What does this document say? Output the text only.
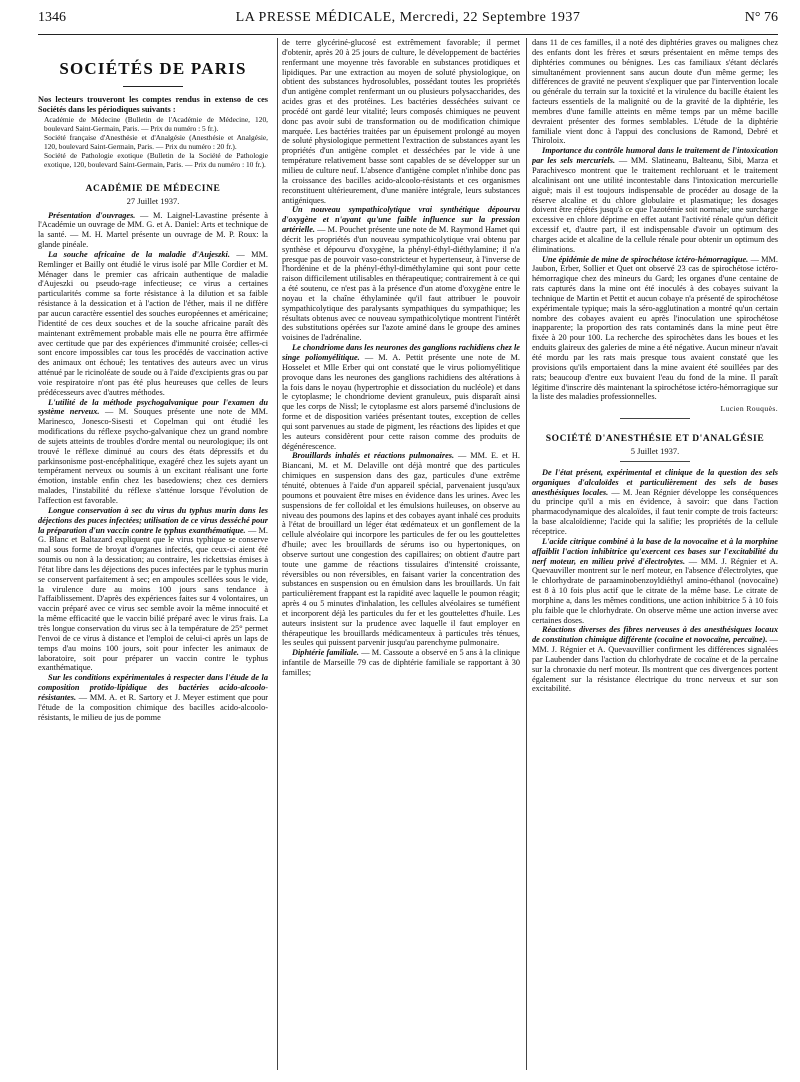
1346	LA PRESSE MÉDICALE, Mercredi, 22 Septembre 1937	N° 76
SOCIÉTÉS DE PARIS

Nos lecteurs trouveront les comptes rendus in extenso de ces Sociétés dans les périodiques suivants :

Académie de Médecine (Bulletin de l'Académie de Médecine, 120, boulevard Saint-Germain, Paris. — Prix du numéro : 5 fr.).

Société française d'Anesthésie et d'Analgésie (Anesthésie et Analgésie, 120, boulevard Saint-Germain, Paris. — Prix du numéro : 20 fr.).

Société de Pathologie exotique (Bulletin de la Société de Pathologie exotique, 120, boulevard Saint-Germain, Paris. — Prix du numéro : 10 fr.).

ACADÉMIE DE MÉDECINE
27 Juillet 1937.

Présentation d'ouvrages. — M. Laignel-Lavastine présente à l'Académie un ouvrage de MM. G. et A. Daniel: Arts et technique de la santé. — M. H. Martel présente un ouvrage de M. P. Roux: la glande pinéale.

La souche africaine de la maladie d'Aujeszki. — MM. Remlinger et Bailly ont étudié le virus isolé par Mlle Cordier et M. Ménager dans le premier cas africain authentique de maladie d'Aujeszki ou pseudo-rage infectieuse; ce virus a certaines particularités comme sa forte résistance à la dilution et sa faible résistance à la dessication et à l'action de l'éther, mais il ne diffère par aucun caractère essentiel des souches européennes et américaine; l'identité de ces deux souches et de la souche africaine paraît dès maintenant extrêmement probable mais elle ne pourra être affirmée avec certitude que par des expériences d'immunité croisée; celles-ci sont encore impossibles car tous les procédés de vaccination active des animaux ont échoué; les tentatives des auteurs avec un virus atténué par le ricinoléate de soude ou à l'aide d'excipients gras ou par voie respiratoire n'ont pas été plus heureuses que celles de leurs prédécesseurs avec d'autres méthodes.

L'utilité de la méthode psychogalvanique pour l'examen du système nerveux. — M. Souques présente une note de MM. Marinesco, Jonesco-Sisesti et Copelman qui ont étudié les modifications du réflexe psycho-galvanique chez un grand nombre de sujets atteints de troubles d'ordre mental ou neurologique; ils ont trouvé le réflexe diminué au cours des états dépressifs et du parkinsonisme post-encéphalitique, exagéré chez les sujets ayant un tempérament nerveux ou soumis à un excitant réalisant une forte émotion, instable enfin chez les basedowiens; chez ces derniers malades, l'instabilité du réflexe s'atténue lorsque l'évolution de l'affection est favorable.

Longue conservation à sec du virus du typhus murin dans les déjections des puces infectées; utilisation de ce virus desséché pour la préparation d'un vaccin contre le typhus exanthématique. — M. G. Blanc et Baltazard expliquent que le virus typhique se conserve mal sous forme de broyat d'organes infectés, que ceux-ci aient été soumis ou non à la dessication; au contraire, les rickettsias émises à l'état libre dans les déjections des puces infectées par le typhus murin se conservent parfaitement à sec; en ampoules scellées sous le vide, la virulence dure au moins 100 jours sans tendance à l'affaiblissement. D'après des expériences faites sur 4 volontaires, un vaccin préparé avec ce virus sec semble avoir la même innocuité et la même efficacité que le vaccin bilié préparé avec le virus frais. La très longue conservation du virus sec à la température de 25° permet l'envoi de ce virus à distance et l'emploi de celui-ci après un laps de temps d'au moins 100 jours, soit pour infecter les animaux de laboratoire, soit pour préparer un vaccin contre le typhus exanthématique.

Sur les conditions expérimentales à respecter dans l'étude de la composition protido-lipidique des bactéries acido-alcoolo-résistantes. — MM. A. et R. Sartory et J. Meyer estiment que pour l'étude de la composition chimique des bacilles acido-alcoolo-résistants, le milieu de jus de pomme

de terre glycériné-glucosé est extrêmement favorable; il permet d'obtenir, après 20 à 25 jours de culture, le développement de bactéries renfermant une moyenne très favorable en substances protidiques et lipidiques. Par une extraction au moyen de soluté physiologique, on obtient des substances hydrosolubles, possédant toutes les propriétés d'un antigène complet renfermant un ou plusieurs polysaccharides, des acides gras et des protéines. Les bactéries desséchées suivant ce procédé ont gardé leur vitalité; leurs composés chimiques ne peuvent donc pas avoir subi de transformation ou de modification chimique marquée. Les bactéries traitées par un épuisement prolongé au moyen de soluté physiologique permettent l'extraction de substances ayant les propriétés d'un antigène complet et desséchées par le vide à une température relativement basse sont capables de se développer sur un milieu de culture neuf. L'absence d'antigène complet n'inhibe donc pas la croissance des bacilles acido-alcoolo-résistants et ces organismes reconstituent ultérieurement, d'une manière intégrale, leurs substances antigéniques.

Un nouveau sympathicolytique vrai synthétique dépourvu d'oxygène et n'ayant qu'une faible influence sur la pression artérielle. — M. Pouchet présente une note de M. Raymond Hamet qui décrit les propriétés d'un nouveau sympathicolytique vrai obtenu par synthèse et dépourvu d'oxygène, la phényl-éthyl-diéthylamine; il n'a presque pas de pouvoir vaso-constricteur et hypertenseur, à l'inverse de l'hordénine et de la phényl-éthyl-diméthylamine qui sont pour cette raison difficilement utilisables en thérapeutique; contrairement à ce qui a été soutenu, ce n'est pas à la présence d'un atome d'oxygène entre le noyau et la chaîne éthylaminée qu'il faut attribuer le pouvoir sympathicolytique des paralysants sympathiques du sympathique; les résultats obtenus avec ce nouveau sympathicolytique montrent l'intérêt des substitutions opérées sur l'azote aminé dans le groupe des amines voisines de l'adrénaline.

Le chondriome dans les neurones des ganglions rachidiens chez le singe poliomyélitique. — M. A. Pettit présente une note de M. Hosselet et Mlle Erber qui ont constaté que le virus poliomyélitique provoque dans les neurones des ganglions rachidiens des altérations à la fois dans le noyau (hypertrophie et dissociation du nucléole) et dans le cytoplasme; le chondriome devient granuleux, puis disparaît ainsi que les corps de Nissl; le cytoplasme est alors parsemé d'inclusions de forme et de disposition variées présentant toutes, exception de celles qui sont parvenues au stade de pigment, les réactions des lipides et que les auteurs considèrent pour cette raison comme des produits de dégénérescence.

Brouillards inhalés et réactions pulmonaires. — MM. E. et H. Biancani, M. et M. Delaville ont déjà montré que des particules chimiques en suspension dans des gaz, particules d'une extrême ténuité, obtenues à l'aide d'un appareil spécial, parvenaient jusqu'aux poumons et pouvaient être mises en évidence dans les urines. Avec les suspensions de fer colloïdal et les émulsions huileuses, on observe au niveau des poumons des lapins et des cobayes ayant inhalé ces produits à l'état de brouillard un léger état œdémateux et un gonflement de la cellule alvéolaire qui incorpore les particules de fer ou les gouttelettes d'huile; avec les brouillards de sérums iso ou hypertoniques, on observe surtout une congestion des capillaires; on obtient d'autre part toute une gamme de réactions tissulaires d'intensité croissante, réversibles ou non réversibles, en faisant varier la concentration des substances en suspension ou en émulsion dans les brouillards. Un fait particulièrement frappant est la rapidité avec laquelle le poumon réagit; après 4 ou 5 minutes d'inhalation, les cellules alvéolaires se tuméfient et incorporent déjà les particules du fer et les gouttelettes d'huile. Les auteurs insistent sur la prudence avec laquelle il faut employer en thérapeutique les brouillards médicamenteux à particules très ténues, les seules qui puissent parvenir jusqu'au parenchyme pulmonaire.

Diphtérie familiale. — M. Cassoute a observé en 5 ans à la clinique infantile de Marseille 79 cas de diphtérie familiale se rapportant à 30 familles;

dans 11 de ces familles, il a noté des diphtéries graves ou malignes chez des enfants dont les frères et sœurs présentaient en même temps des diphtéries communes ou bénignes. Les cas familiaux s'étant déclarés simultanément proviennent sans aucun doute d'un même germe; les différences de gravité ne peuvent s'expliquer que par l'intervention locale ou générale du terrain sur la toxicité et la virulence du bacille étaient les facteurs essentiels de la malignité ou de la gravité de la diphtérie, les membres d'une famille atteints en même temps par un même bacille devraient présenter des formes semblables. L'étude de la diphtérie familiale vient donc à l'appui des conclusions de Ramond, Debré et Thiroloix.

Importance du contrôle humoral dans le traitement de l'intoxication par les sels mercuriels. — MM. Slatineanu, Balteanu, Sibi, Marza et Parachivesco montrent que le traitement rechloruant et le traitement alcalinisant ont une utilité incontestable dans l'intoxication mercurielle aiguë; mais il est toujours indispensable de procéder au dosage de la réserve alcaline et du chlore globulaire et plasmatique; les dosages doivent être répétés jusqu'à ce que l'azotémie soit normale; une surcharge excessive en chlore déprime en effet autant l'activité rénale qu'un déficit excessif et, d'autre part, il est indispensable d'avoir un optimum des charges acide et alcaline de la cellule rénale pour obtenir un optimum des éliminations.

Une épidémie de mine de spirochétose ictéro-hémorragique. — MM. Jaubon, Erber, Sollier et Quet ont observé 23 cas de spirochétose ictéro-hémorragique chez des mineurs du Gard; les organes d'une centaine de rats capturés dans la mine ont été inoculés à des cobayes suivant la technique de Martin et Pettit et aucun cobaye n'a présenté de spirochétose expérimentale typique; mais la séro-agglutination a montré qu'un certain nombre des cobayes avaient eu après l'inoculation une spirochétose inapparente; la proportion des rats contaminés dans la mine peut être fixée à 20 pour 100. La recherche des spirochètes dans les boues et les enduits glaireux des galeries de mine a été négative. Aucun mineur n'avait été mordu par les rats mais presque tous avaient constaté que les provisions qu'ils emportaient dans la mine avaient été souillées par des rats; beaucoup d'entre eux buvaient l'eau du fond de la mine. Il paraît légitime d'inscrire dès maintenant la spirochétose ictéro-hémorragique sur la liste des maladies professionnelles.

Lucien Rouquès.
SOCIÉTÉ D'ANESTHÉSIE ET D'ANALGÉSIE
5 Juillet 1937.

De l'état présent, expérimental et clinique de la question des sels organiques d'alcaloïdes et particulièrement des sels de bases anesthésiques locales. — M. Jean Régnier développe les conséquences du principe qu'il a mis en évidence, à savoir: que dans l'action pharmacodynamique des alcaloïdes, il faut tenir compte de trois facteurs: la base alcaloïdienne; l'acide qui la salifie; les propriétés de la cellule réceptrice.

L'acide citrique combiné à la base de la novocaïne et à la morphine affaiblit l'action inhibitrice qu'exercent ces bases sur l'excitabilité du nerf moteur, en milieu privé d'électrolytes. — MM. J. Régnier et A. Quevauviller montrent sur le nerf moteur, en l'absence d'électrolytes, que le chlorhydrate de paraaminobenzoyldiéthyl amino-éthanol (novocaïne) est 8 à 10 fois plus actif que le citrate de la même base. Le citrate de morphine a, dans les mêmes conditions, une action inhibitrice 5 à 10 fois plu faible que le chlorhydrate. On observe même une action inverse avec certaines doses.

Réactions diverses des fibres nerveuses à des anesthésiques locaux de constitution chimique différente (cocaïne et novocaïne, percaïne). — MM. J. Régnier et A. Quevauvillier confirment les différences signalées par Laubender dans l'action du chlorhydrate de cocaïne et de la percaïne sur la chronaxie du nerf moteur. Ils montrent que ces divergences portent également sur la résistance électrique du tronc nerveux et sur son excitabilité.
